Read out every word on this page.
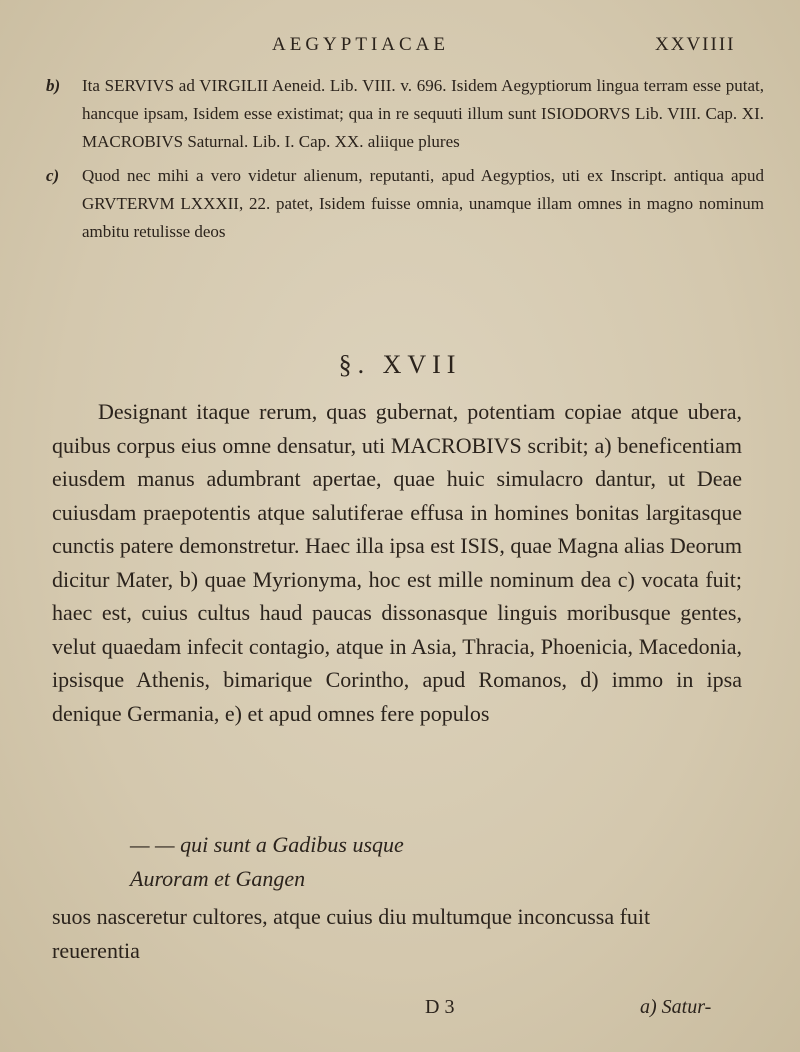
AEGYPTIACAE	XXVIIII
b) Ita SERVIVS ad VIRGILII Aeneid. Lib. VIII. v. 696. Isidem Aegyptiorum lingua terram esse putat, hancque ipsam, Isidem esse existimat; qua in re sequuti illum sunt ISIODORVS Lib. VIII. Cap. XI. MACROBIVS Saturnal. Lib. I. Cap. XX. aliique plures

c) Quod nec mihi a vero videtur alienum, reputanti, apud Aegyptios, uti ex Inscript. antiqua apud GRVTERVM LXXXII, 22. patet, Isidem fuisse omnia, unamque illam omnes in magno nominum ambitu retulisse deos

§. XVII

Designant itaque rerum, quas gubernat, potentiam copiae atque ubera, quibus corpus eius omne densatur, uti MACROBIVS scribit; a) beneficentiam eiusdem manus adumbrant apertae, quae huic simulacro dantur, ut Deae cuiusdam praepotentis atque salutiferae effusa in homines bonitas largitasque cunctis patere demonstretur. Haec illa ipsa est ISIS, quae Magna alias Deorum dicitur Mater, b) quae Myrionyma, hoc est mille nominum dea c) vocata fuit; haec est, cuius cultus haud paucas dissonasque linguis moribusque gentes, velut quaedam infecit contagio, atque in Asia, Thracia, Phoenicia, Macedonia, ipsisque Athenis, bimarique Corintho, apud Romanos, d) immo in ipsa denique Germania, e) et apud omnes fere populos

— — qui sunt a Gadibus usque
Auroram et Gangen
suos nasceretur cultores, atque cuius diu multumque inconcussa fuit reuerentia
D 3	a) Satur-
